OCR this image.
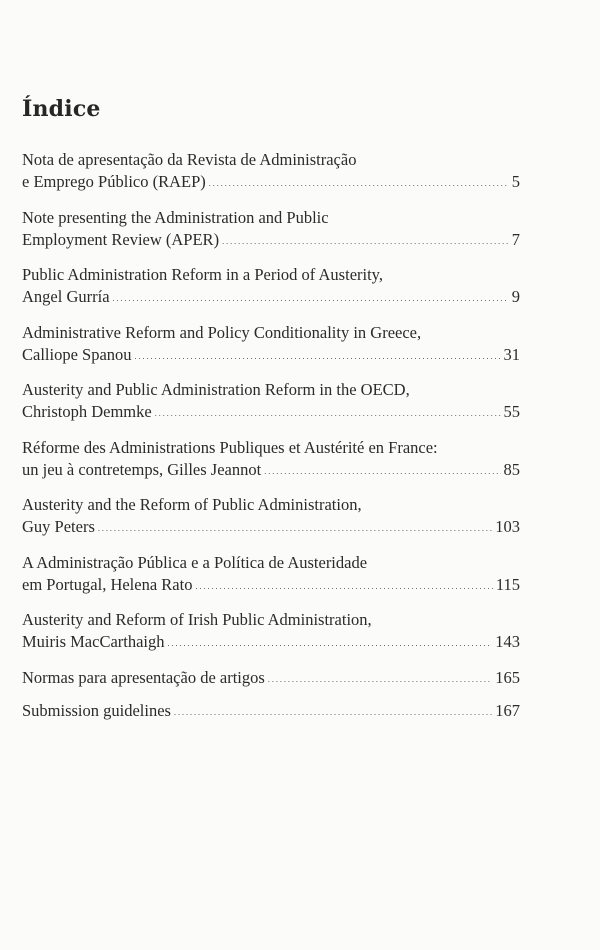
Índice
Nota de apresentação da Revista de Administração
e Emprego Público (RAEP) . . .	5
Note presenting the Administration and Public
Employment Review (APER) . . .	7
Public Administration Reform in a Period of Austerity,
Angel Gurría . . .	9
Administrative Reform and Policy Conditionality in Greece,
Calliope Spanou . . .	31
Austerity and Public Administration Reform in the OECD,
Christoph Demmke . . .	55
Réforme des Administrations Publiques et Austérité en France:
un jeu à contretemps, Gilles Jeannot . . .	85
Austerity and the Reform of Public Administration,
Guy Peters . . .	103
A Administração Pública e a Política de Austeridade
em Portugal, Helena Rato . . .	115
Austerity and Reform of Irish Public Administration,
Muiris MacCarthaigh . . .	143
Normas para apresentação de artigos . . .	165
Submission guidelines . . .	167
